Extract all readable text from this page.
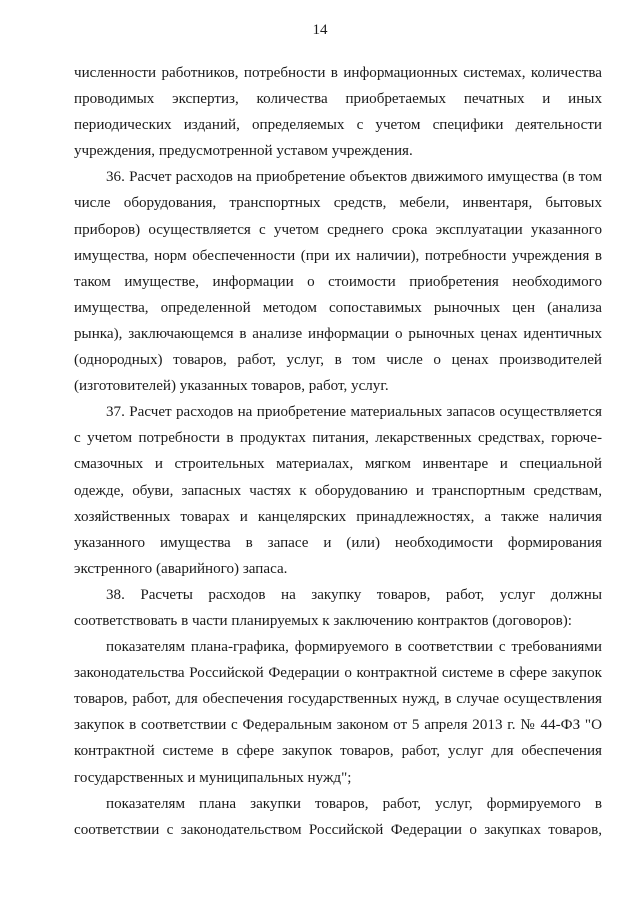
14
численности работников, потребности в информационных системах, количества
проводимых экспертиз, количества приобретаемых печатных и иных
периодических изданий, определяемых с учетом специфики деятельности
учреждения, предусмотренной уставом учреждения.
36. Расчет расходов на приобретение объектов движимого имущества (в том
числе оборудования, транспортных средств, мебели, инвентаря, бытовых
приборов) осуществляется с учетом среднего срока эксплуатации указанного
имущества, норм обеспеченности (при их наличии), потребности учреждения в
таком имуществе, информации о стоимости приобретения необходимого
имущества, определенной методом сопоставимых рыночных цен (анализа
рынка), заключающемся в анализе информации о рыночных ценах идентичных
(однородных) товаров, работ, услуг, в том числе о ценах производителей
(изготовителей) указанных товаров, работ, услуг.
37. Расчет расходов на приобретение материальных запасов осуществляется
с учетом потребности в продуктах питания, лекарственных средствах, горюче-
смазочных и строительных материалах, мягком инвентаре и специальной
одежде, обуви, запасных частях к оборудованию и транспортным средствам,
хозяйственных товарах и канцелярских принадлежностях, а также наличия
указанного имущества в запасе и (или) необходимости формирования
экстренного (аварийного) запаса.
38. Расчеты расходов на закупку товаров, работ, услуг должны
соответствовать в части планируемых к заключению контрактов (договоров):
показателям плана-графика, формируемого в соответствии с требованиями
законодательства Российской Федерации о контрактной системе в сфере закупок
товаров, работ, для обеспечения государственных нужд, в случае осуществления
закупок в соответствии с Федеральным законом от 5 апреля 2013 г. № 44-ФЗ "О
контрактной системе в сфере закупок товаров, работ, услуг для обеспечения
государственных и муниципальных нужд";
показателям плана закупки товаров, работ, услуг, формируемого в
соответствии с законодательством Российской Федерации о закупках товаров,
